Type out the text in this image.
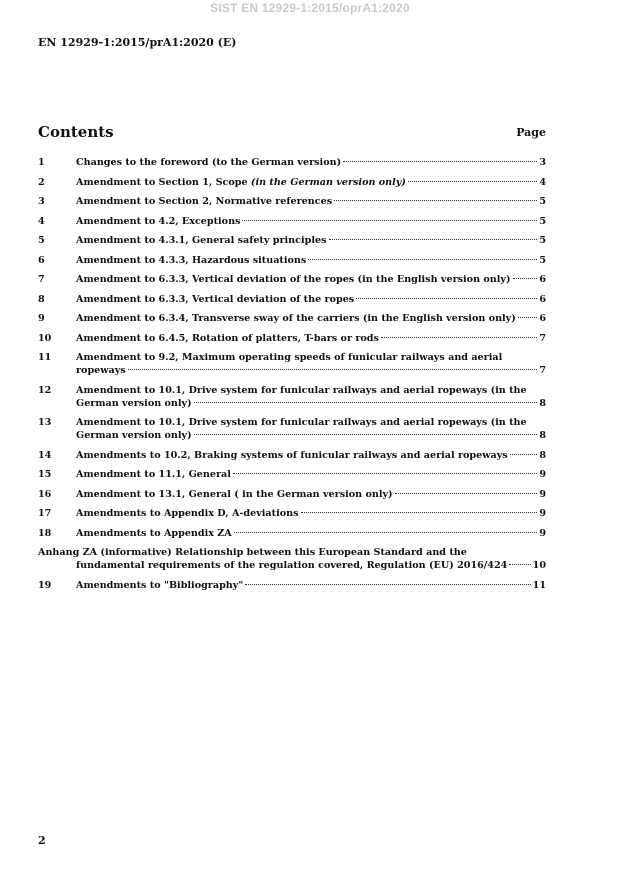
SIST EN 12929-1:2015/oprA1:2020
EN 12929-1:2015/prA1:2020 (E)
Contents	Page
1	Changes to the foreword (to the German version)	3
2	Amendment to Section 1, Scope (in the German version only)	4
3	Amendment to Section 2, Normative references	5
4	Amendment to 4.2, Exceptions	5
5	Amendment to 4.3.1, General safety principles	5
6	Amendment to 4.3.3, Hazardous situations	5
7	Amendment to 6.3.3, Vertical deviation of the ropes (in the English version only)	6
8	Amendment to 6.3.3, Vertical deviation of the ropes	6
9	Amendment to 6.3.4, Transverse sway of the carriers (in the English version only) 6
10	Amendment to 6.4.5, Rotation of platters, T-bars or rods	7
11	Amendment to 9.2, Maximum operating speeds of funicular railways and aerial
ropeways	7
12	Amendment to 10.1, Drive system for funicular railways and aerial ropeways (in the
German version only)	8
13	Amendment to 10.1, Drive system for funicular railways and aerial ropeways (in the
German version only)	8
14	Amendments to 10.2, Braking systems of funicular railways and aerial ropeways	8
15	Amendment to 11.1, General	9
16	Amendment to 13.1, General ( in the German version only)	9
17	Amendments to Appendix D, A-deviations	9
18	Amendments to Appendix ZA	9
Anhang ZA (informative) Relationship between this European Standard and the
fundamental requirements of the regulation covered, Regulation (EU) 2016/424	10
19	Amendments to "Bibliography"	11
2
